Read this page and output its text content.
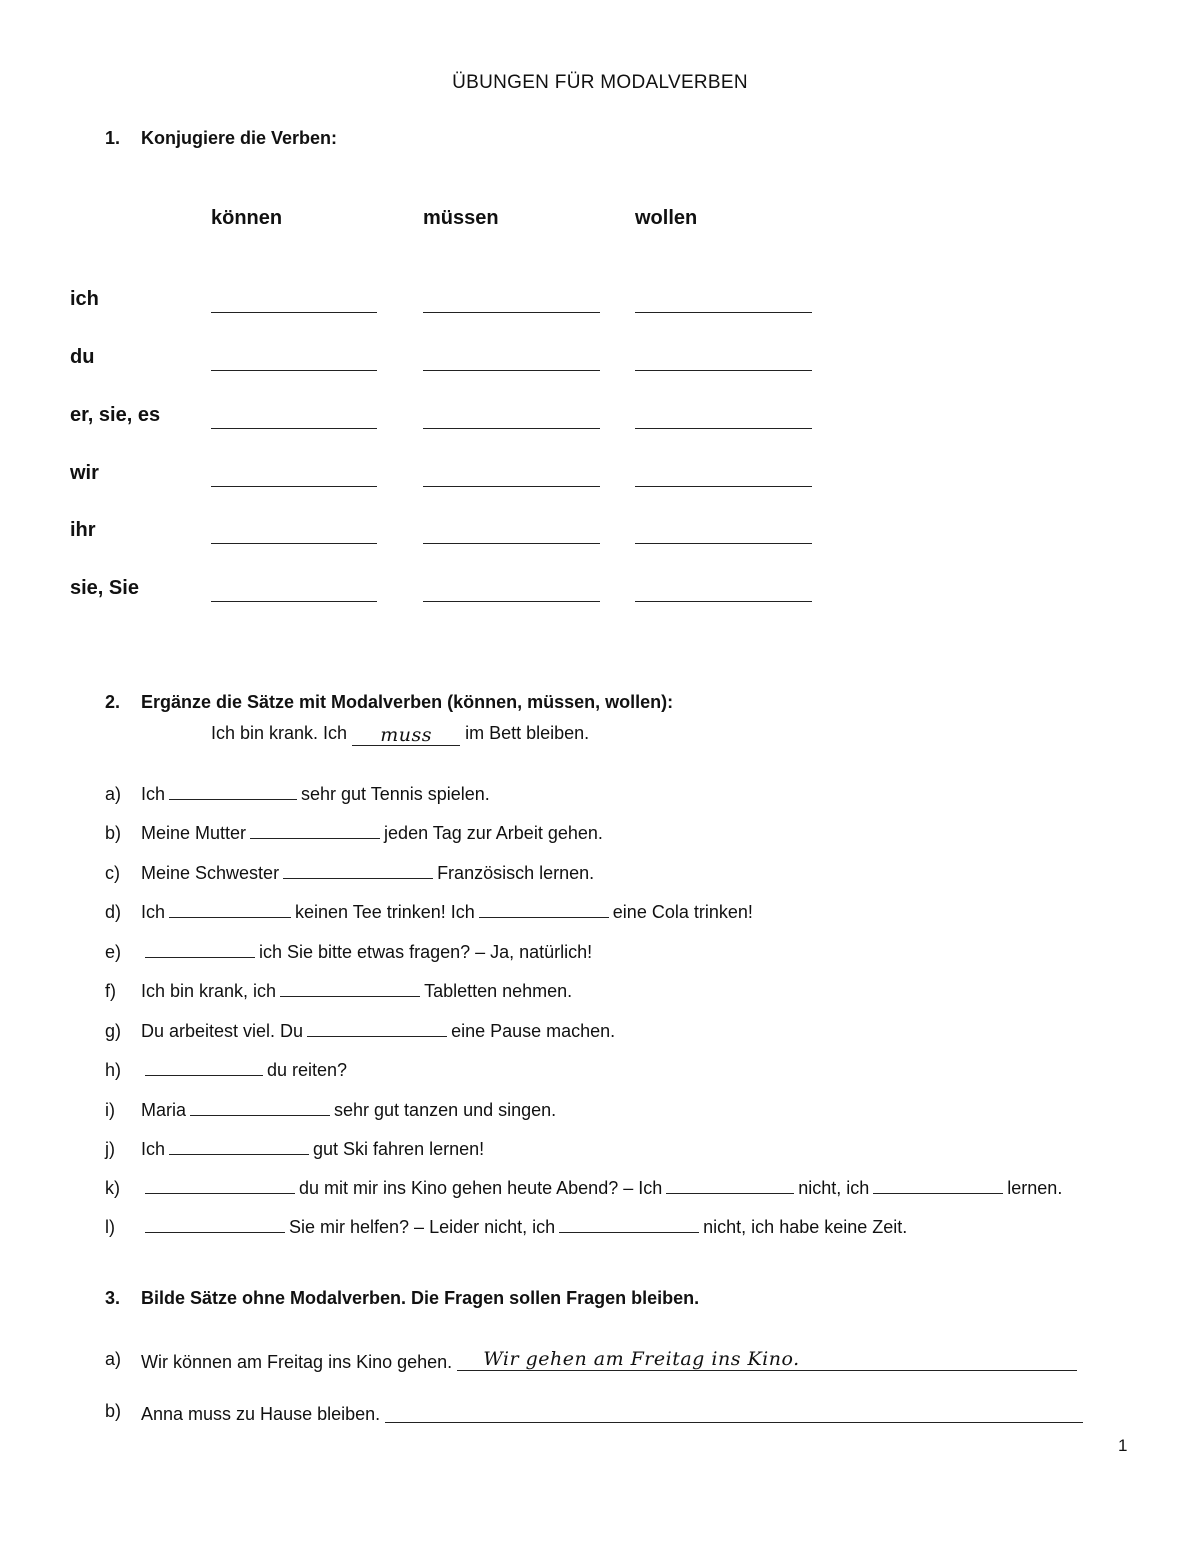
ÜBUNGEN FÜR MODALVERBEN
1. Konjugiere die Verben:
können	müssen	wollen
ich
du
er, sie, es
wir
ihr
sie, Sie
2. Ergänze die Sätze mit Modalverben (können, müssen, wollen):
Ich bin krank. Ich muss im Bett bleiben.
a) Ich	sehr gut Tennis spielen.
b) Meine Mutter	jeden Tag zur Arbeit gehen.
c) Meine Schwester	Französisch lernen.
d) Ich	keinen Tee trinken! Ich	eine Cola trinken!
e)	ich Sie bitte etwas fragen? – Ja, natürlich!
f) Ich bin krank, ich	Tabletten nehmen.
g) Du arbeitest viel. Du	eine Pause machen.
h)	du reiten?
i) Maria	sehr gut tanzen und singen.
j) Ich	gut Ski fahren lernen!
k)	du mit mir ins Kino gehen heute Abend? – Ich	nicht, ich	lernen.
l)	Sie mir helfen? – Leider nicht, ich	nicht, ich habe keine Zeit.
3. Bilde Sätze ohne Modalverben. Die Fragen sollen Fragen bleiben.
a) Wir können am Freitag ins Kino gehen. Wir gehen am Freitag ins Kino.
b) Anna muss zu Hause bleiben.
1
